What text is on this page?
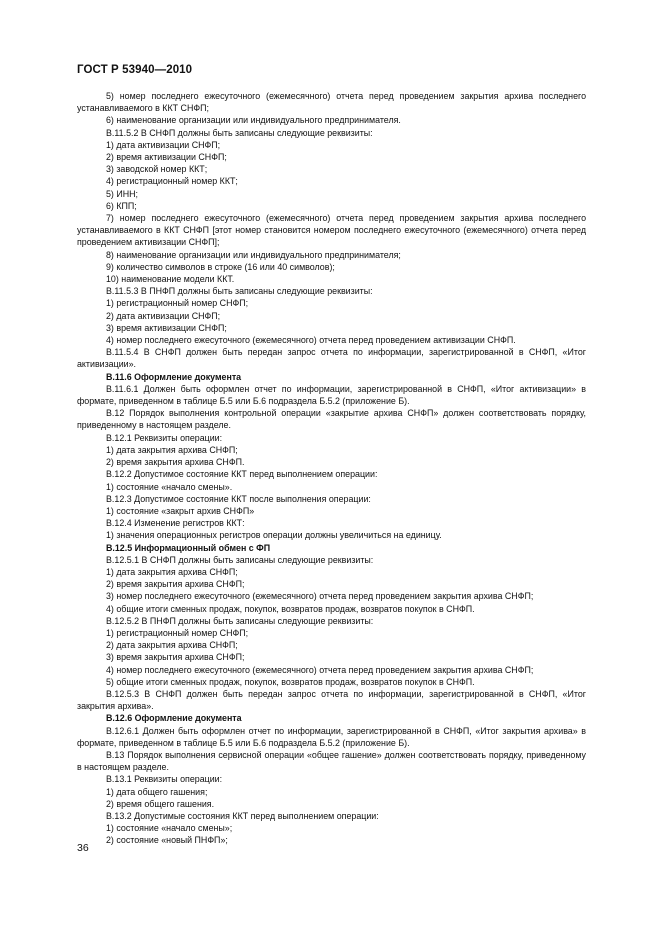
ГОСТ Р 53940—2010

5) номер последнего ежесуточного (ежемесячного) отчета перед проведением закрытия архива последнего устанавливаемого в ККТ СНФП;

6) наименование организации или индивидуального предпринимателя.

В.11.5.2 В СНФП должны быть записаны следующие реквизиты:

1) дата активизации СНФП;

2) время активизации СНФП;

3) заводской номер ККТ;

4) регистрационный номер ККТ;

5) ИНН;

6) КПП;

7) номер последнего ежесуточного (ежемесячного) отчета перед проведением закрытия архива последнего устанавливаемого в ККТ СНФП [этот номер становится номером последнего ежесуточного (ежемесячного) отчета перед проведением активизации СНФП];

8) наименование организации или индивидуального предпринимателя;

9) количество символов в строке (16 или 40 символов);

10) наименование модели ККТ.

В.11.5.3 В ПНФП должны быть записаны следующие реквизиты:

1) регистрационный номер СНФП;

2) дата активизации СНФП;

3) время активизации СНФП;

4) номер последнего ежесуточного (ежемесячного) отчета перед проведением активизации СНФП.

В.11.5.4 В СНФП должен быть передан запрос отчета по информации, зарегистрированной в СНФП, «Итог активизации».

В.11.6 Оформление документа

В.11.6.1 Должен быть оформлен отчет по информации, зарегистрированной в СНФП, «Итог активизации» в формате, приведенном в таблице Б.5 или Б.6 подраздела Б.5.2 (приложение Б).

В.12 Порядок выполнения контрольной операции «закрытие архива СНФП» должен соответствовать порядку, приведенному в настоящем разделе.

В.12.1 Реквизиты операции:

1) дата закрытия архива СНФП;

2) время закрытия архива СНФП.

В.12.2 Допустимое состояние ККТ перед выполнением операции:

1) состояние «начало смены».

В.12.3 Допустимое состояние ККТ после выполнения операции:

1) состояние «закрыт архив СНФП»

В.12.4 Изменение регистров ККТ:

1) значения операционных регистров операции должны увеличиться на единицу.

В.12.5 Информационный обмен с ФП

В.12.5.1 В СНФП должны быть записаны следующие реквизиты:

1) дата закрытия архива СНФП;

2) время закрытия архива СНФП;

3) номер последнего ежесуточного (ежемесячного) отчета перед проведением закрытия архива СНФП;

4) общие итоги сменных продаж, покупок, возвратов продаж, возвратов покупок в СНФП.

В.12.5.2 В ПНФП должны быть записаны следующие реквизиты:

1) регистрационный номер СНФП;

2) дата закрытия архива СНФП;

3) время закрытия архива СНФП;

4) номер последнего ежесуточного (ежемесячного) отчета перед проведением закрытия архива СНФП;

5) общие итоги сменных продаж, покупок, возвратов продаж, возвратов покупок в СНФП.

В.12.5.3 В СНФП должен быть передан запрос отчета по информации, зарегистрированной в СНФП, «Итог закрытия архива».

В.12.6 Оформление документа

В.12.6.1 Должен быть оформлен отчет по информации, зарегистрированной в СНФП, «Итог закрытия архива» в формате, приведенном в таблице Б.5 или Б.6 подраздела Б.5.2 (приложение Б).

В.13 Порядок выполнения сервисной операции «общее гашение» должен соответствовать порядку, приведенному в настоящем разделе.

В.13.1 Реквизиты операции:

1) дата общего гашения;

2) время общего гашения.

В.13.2 Допустимые состояния ККТ перед выполнением операции:

1) состояние «начало смены»;

2) состояние «новый ПНФП»;

36
